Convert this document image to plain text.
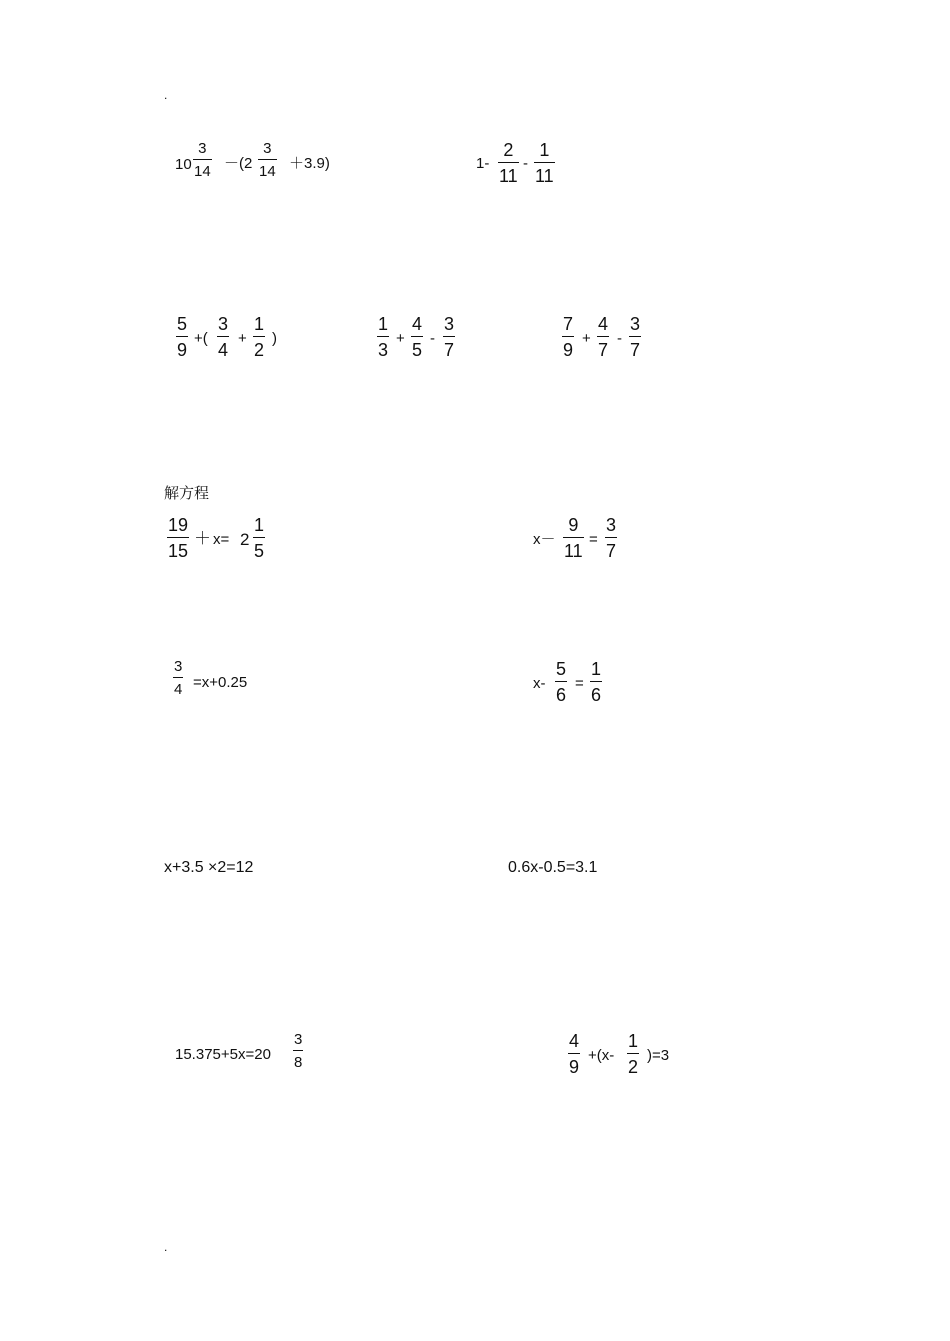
.
.
10
3
14 －(2
3
14 ＋3.9)	1-
2
11
-
1
11
5
9
+(
3
4
+
1
2
)
1
3
+
4
5
-
3
7
7
9
+
4
7
-
3
7
解方程
19
15
＋ x= 2
1
5
x－
9
11
=
3
7
3
4 =x+0.25	x-
5
6
=
1
6
x+3.5 ×2=12	0.6x-0.5=3.1
15.375+5x=20
3
8
4
9
+(x-
1
2
)=3
